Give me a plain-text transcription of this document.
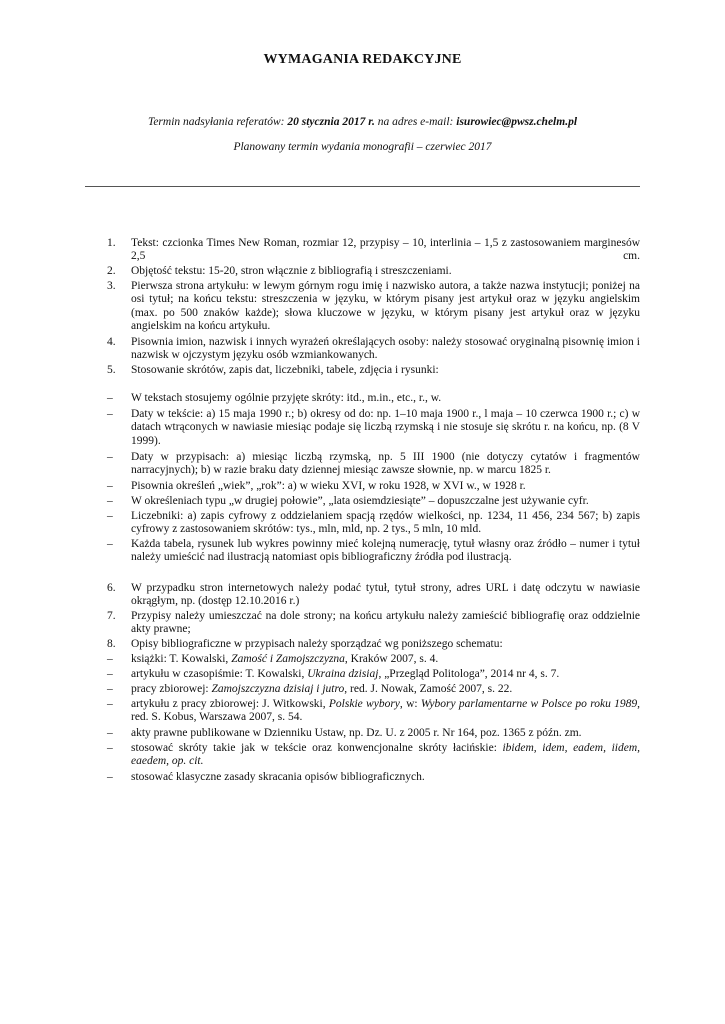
WYMAGANIA REDAKCYJNE
Termin nadsyłania referatów: 20 stycznia 2017 r. na adres e-mail: isurowiec@pwsz.chelm.pl
Planowany termin wydania monografii – czerwiec 2017
1. Tekst: czcionka Times New Roman, rozmiar 12, przypisy – 10, interlinia – 1,5 z zastosowaniem marginesów 2,5 cm.
2. Objętość tekstu: 15-20, stron włącznie z bibliografią i streszczeniami.
3. Pierwsza strona artykułu: w lewym górnym rogu imię i nazwisko autora, a także nazwa instytucji; poniżej na osi tytuł; na końcu tekstu: streszczenia w języku, w którym pisany jest artykuł oraz w języku angielskim (max. po 500 znaków każde); słowa kluczowe w języku, w którym pisany jest artykuł oraz w języku angielskim na końcu artykułu.
4. Pisownia imion, nazwisk i innych wyrażeń określających osoby: należy stosować oryginalną pisownię imion i nazwisk w ojczystym języku osób wzmiankowanych.
5. Stosowanie skrótów, zapis dat, liczebniki, tabele, zdjęcia i rysunki:
– W tekstach stosujemy ogólnie przyjęte skróty: itd., m.in., etc., r., w.
– Daty w tekście: a) 15 maja 1990 r.; b) okresy od do: np. 1–10 maja 1900 r., l maja – 10 czerwca 1900 r.; c) w datach wtrąconych w nawiasie miesiąc podaje się liczbą rzymską i nie stosuje się skrótu r. na końcu, np. (8 V 1999).
– Daty w przypisach: a) miesiąc liczbą rzymską, np. 5 III 1900 (nie dotyczy cytatów i fragmentów narracyjnych); b) w razie braku daty dziennej miesiąc zawsze słownie, np. w marcu 1825 r.
– Pisownia określeń „wiek”, „rok”: a) w wieku XVI, w roku 1928, w XVI w., w 1928 r.
– W określeniach typu „w drugiej połowie”, „lata osiemdziesiąte” – dopuszczalne jest używanie cyfr.
– Liczebniki: a) zapis cyfrowy z oddzielaniem spacją rzędów wielkości, np. 1234, 11 456, 234 567; b) zapis cyfrowy z zastosowaniem skrótów: tys., mln, mld, np. 2 tys., 5 mln, 10 mld.
– Każda tabela, rysunek lub wykres powinny mieć kolejną numerację, tytuł własny oraz źródło – numer i tytuł należy umieścić nad ilustracją natomiast opis bibliograficzny źródła pod ilustracją.
6. W przypadku stron internetowych należy podać tytuł, tytuł strony, adres URL i datę odczytu w nawiasie okrągłym, np. (dostęp 12.10.2016 r.)
7. Przypisy należy umieszczać na dole strony; na końcu artykułu należy zamieścić bibliografię oraz oddzielnie akty prawne;
8. Opisy bibliograficzne w przypisach należy sporządzać wg poniższego schematu:
– książki: T. Kowalski, Zamość i Zamojszczyzna, Kraków 2007, s. 4.
– artykułu w czasopiśmie: T. Kowalski, Ukraina dzisiaj, „Przegląd Politologa”, 2014 nr 4, s. 7.
– pracy zbiorowej: Zamojszczyzna dzisiaj i jutro, red. J. Nowak, Zamość 2007, s. 22.
– artykułu z pracy zbiorowej: J. Witkowski, Polskie wybory, w: Wybory parlamentarne w Polsce po roku 1989, red. S. Kobus, Warszawa 2007, s. 54.
– akty prawne publikowane w Dzienniku Ustaw, np. Dz. U. z 2005 r. Nr 164, poz. 1365 z późn. zm.
– stosować skróty takie jak w tekście oraz konwencjonalne skróty łacińskie: ibidem, idem, eadem, iidem, eaedem, op. cit.
– stosować klasyczne zasady skracania opisów bibliograficznych.
